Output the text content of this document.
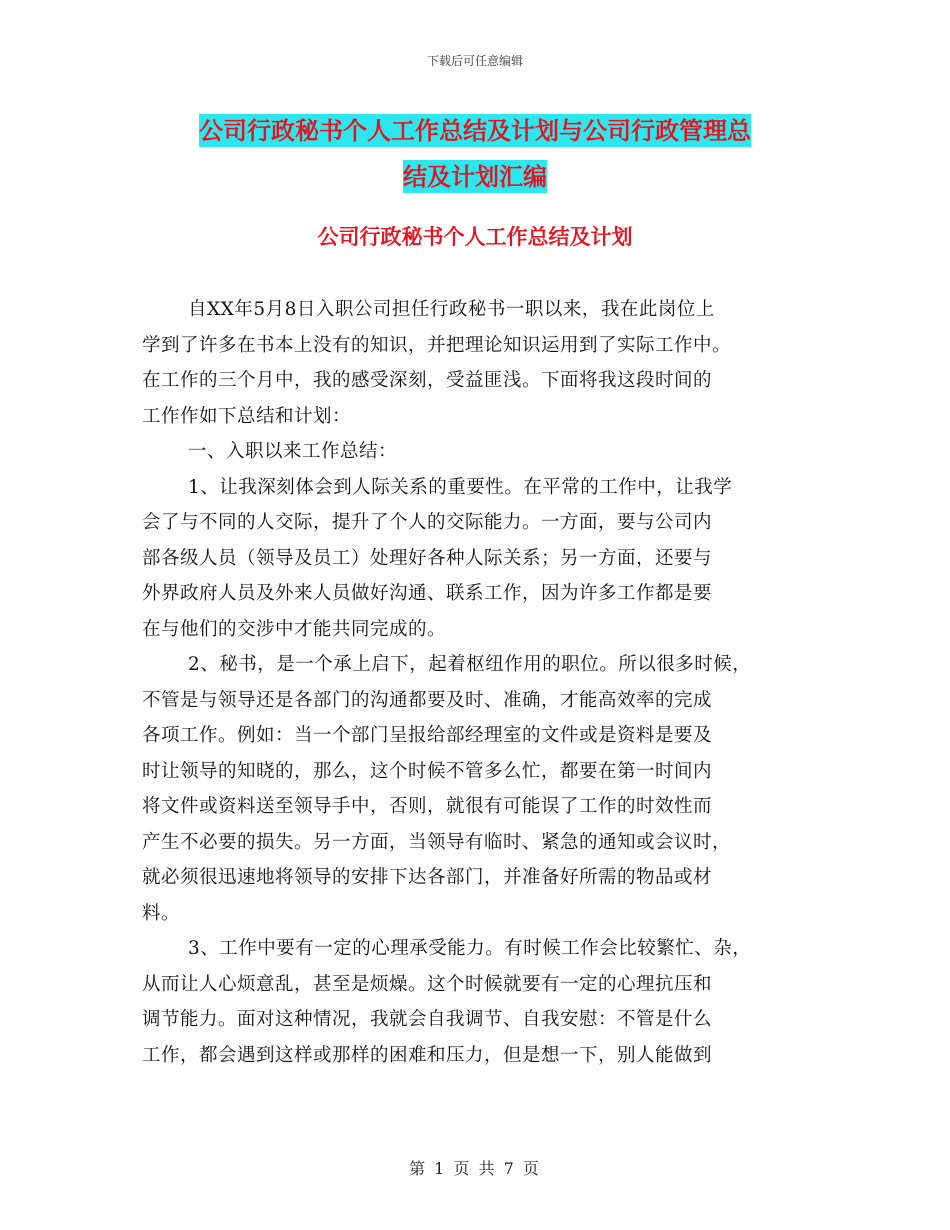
下载后可任意编辑
公司行政秘书个人工作总结及计划与公司行政管理总
结及计划汇编
公司行政秘书个人工作总结及计划
自XX年5月8日入职公司担任行政秘书一职以来，我在此岗位上
学到了许多在书本上没有的知识，并把理论知识运用到了实际工作中。
在工作的三个月中，我的感受深刻，受益匪浅。下面将我这段时间的
工作作如下总结和计划：
一、入职以来工作总结：
1、让我深刻体会到人际关系的重要性。在平常的工作中，让我学
会了与不同的人交际，提升了个人的交际能力。一方面，要与公司内
部各级人员（领导及员工）处理好各种人际关系；另一方面，还要与
外界政府人员及外来人员做好沟通、联系工作，因为许多工作都是要
在与他们的交涉中才能共同完成的。
2、秘书，是一个承上启下，起着枢纽作用的职位。所以很多时候，
不管是与领导还是各部门的沟通都要及时、准确，才能高效率的完成
各项工作。例如：当一个部门呈报给部经理室的文件或是资料是要及
时让领导的知晓的，那么，这个时候不管多么忙，都要在第一时间内
将文件或资料送至领导手中，否则，就很有可能误了工作的时效性而
产生不必要的损失。另一方面，当领导有临时、紧急的通知或会议时，
就必须很迅速地将领导的安排下达各部门，并准备好所需的物品或材
料。
3、工作中要有一定的心理承受能力。有时候工作会比较繁忙、杂，
从而让人心烦意乱，甚至是烦燥。这个时候就要有一定的心理抗压和
调节能力。面对这种情况，我就会自我调节、自我安慰：不管是什么
工作，都会遇到这样或那样的困难和压力，但是想一下，别人能做到
第 1 页 共 7 页
